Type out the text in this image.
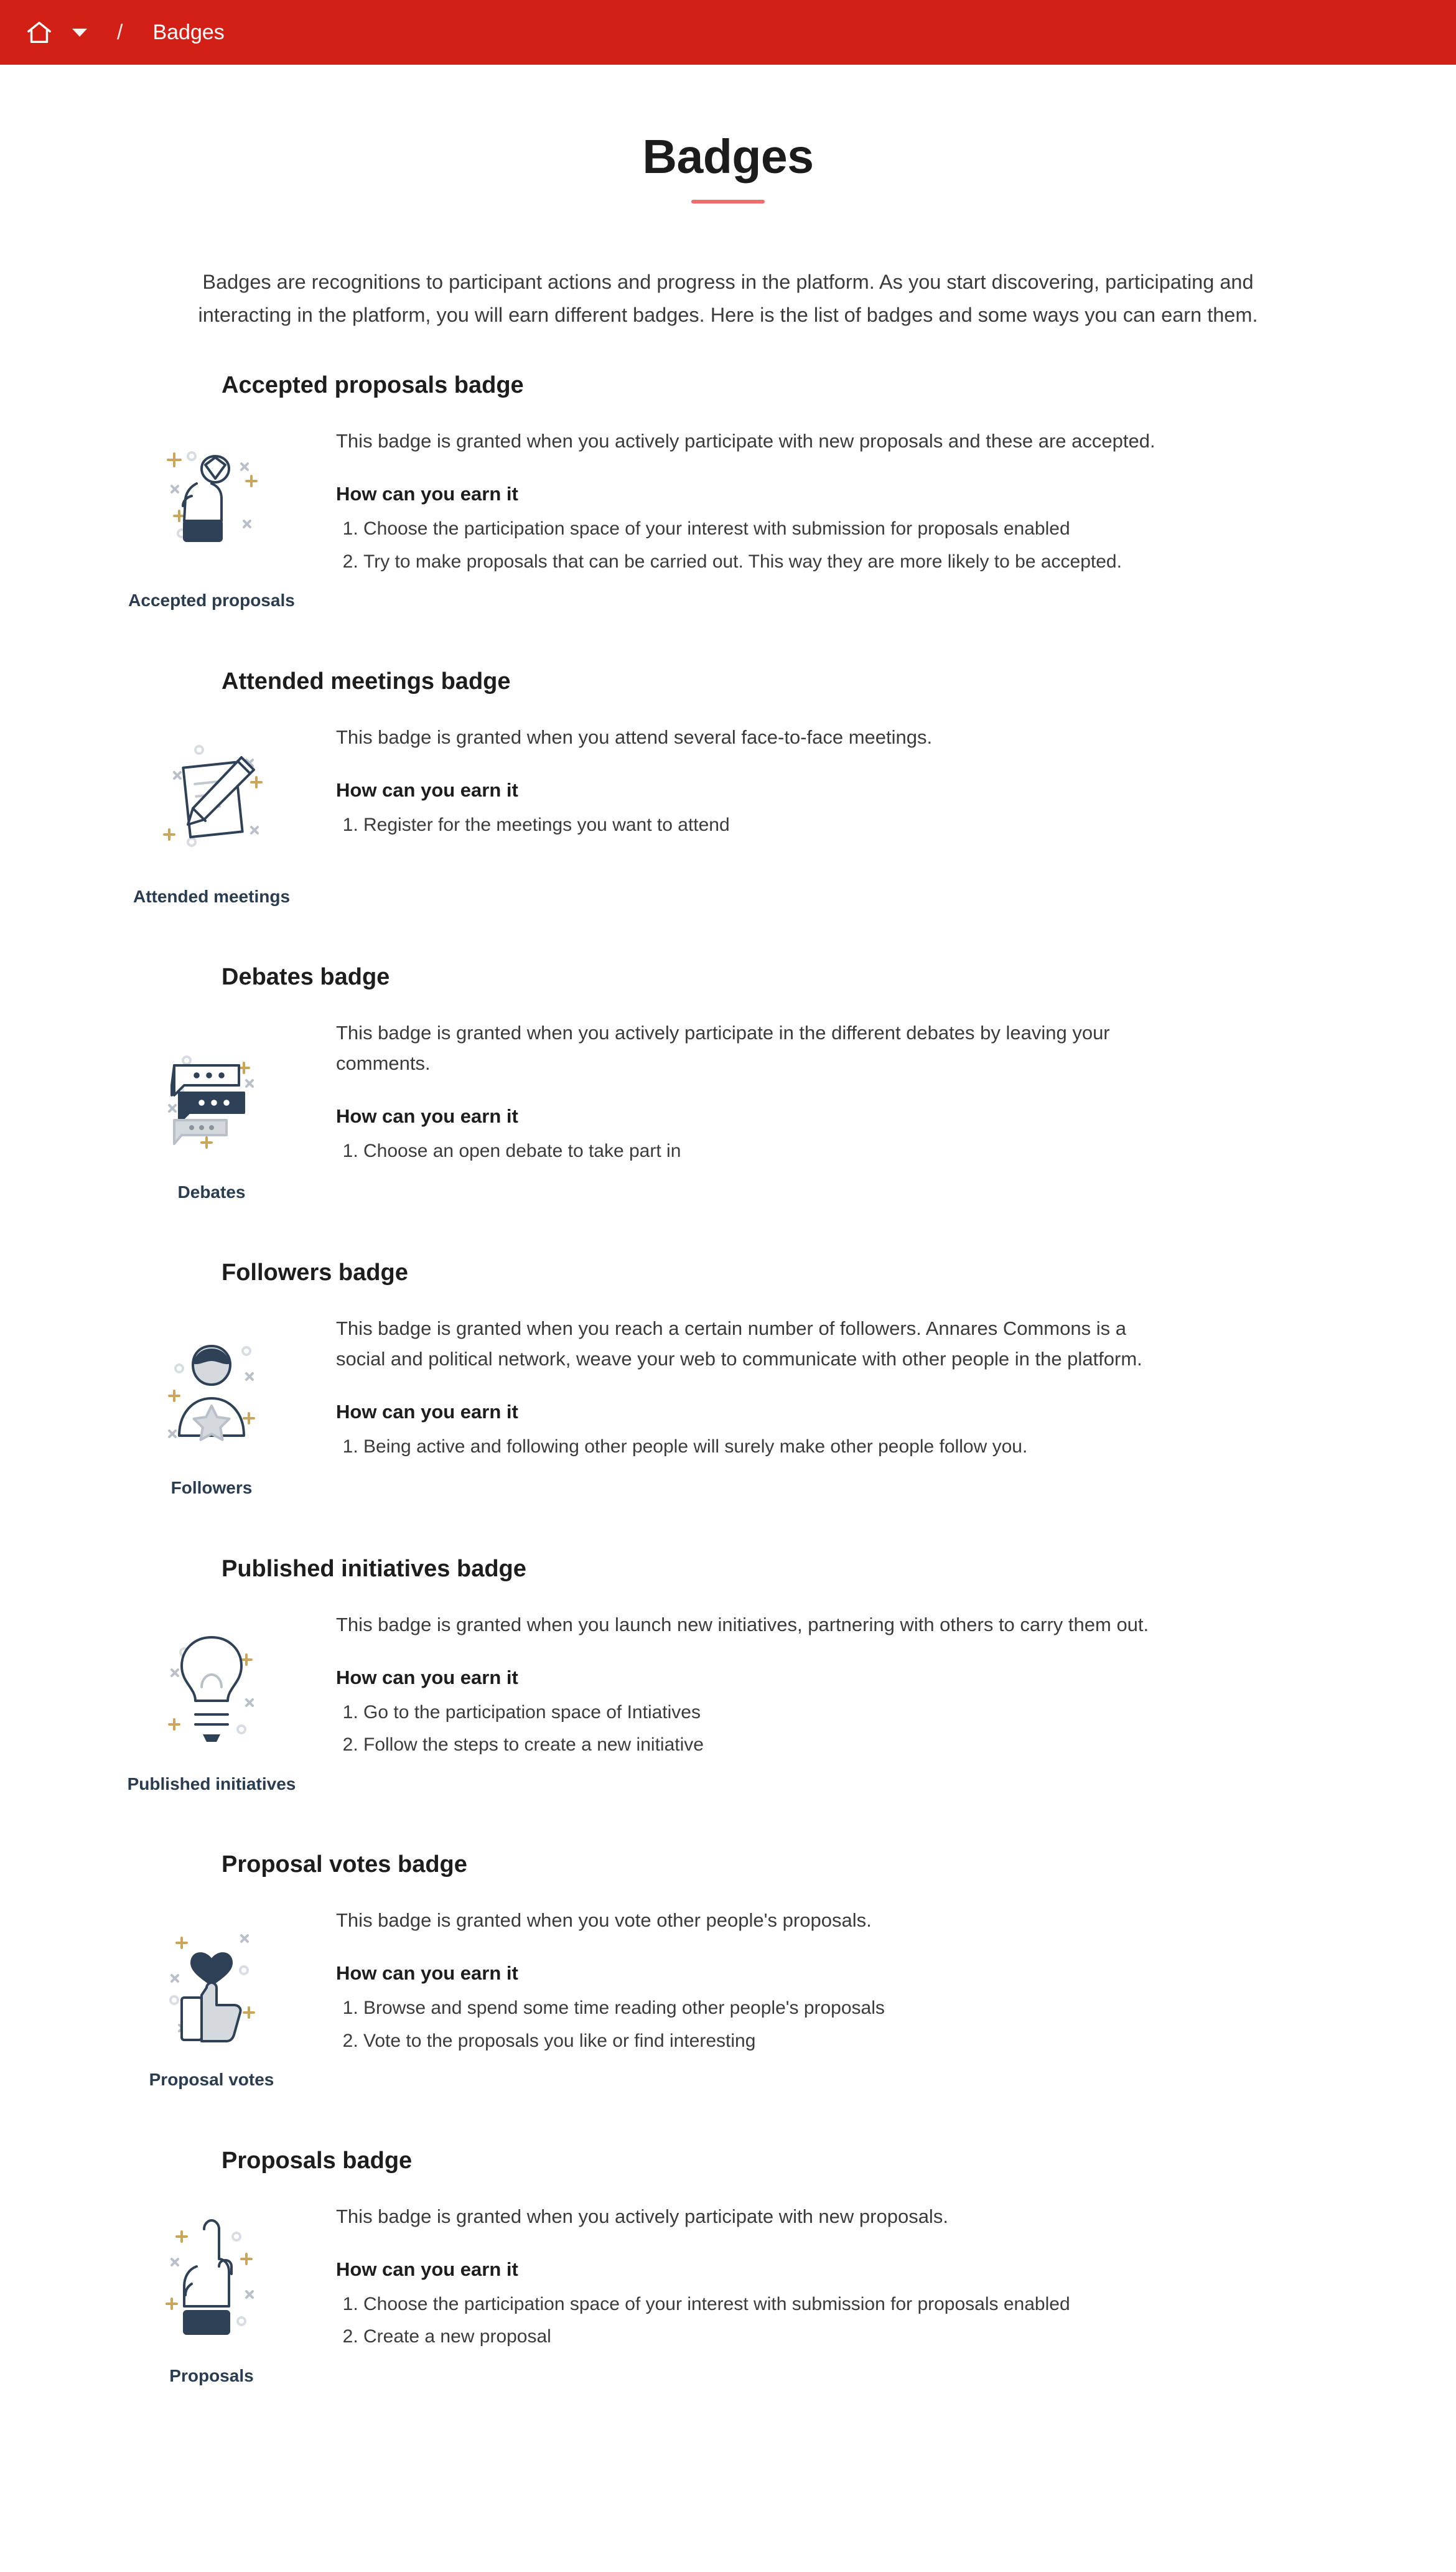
/ Badges
Badges

Badges are recognitions to participant actions and progress in the platform. As you start discovering, participating and interacting in the platform, you will earn different badges. Here is the list of badges and some ways you can earn them.

Accepted proposals badge
Accepted proposals

This badge is granted when you actively participate with new proposals and these are accepted.

How can you earn it
1. Choose the participation space of your interest with submission for proposals enabled
2. Try to make proposals that can be carried out. This way they are more likely to be accepted.
Attended meetings badge
Attended meetings

This badge is granted when you attend several face-to-face meetings.

How can you earn it
1. Register for the meetings you want to attend
Debates badge
Debates

This badge is granted when you actively participate in the different debates by leaving your comments.

How can you earn it
1. Choose an open debate to take part in
Followers badge
Followers

This badge is granted when you reach a certain number of followers. Annares Commons is a social and political network, weave your web to communicate with other people in the platform.

How can you earn it
1. Being active and following other people will surely make other people follow you.
Published initiatives badge
Published initiatives

This badge is granted when you launch new initiatives, partnering with others to carry them out.

How can you earn it
1. Go to the participation space of Intiatives
2. Follow the steps to create a new initiative
Proposal votes badge
Proposal votes

This badge is granted when you vote other people's proposals.

How can you earn it
1. Browse and spend some time reading other people's proposals
2. Vote to the proposals you like or find interesting
Proposals badge
Proposals

This badge is granted when you actively participate with new proposals.

How can you earn it
1. Choose the participation space of your interest with submission for proposals enabled
2. Create a new proposal
